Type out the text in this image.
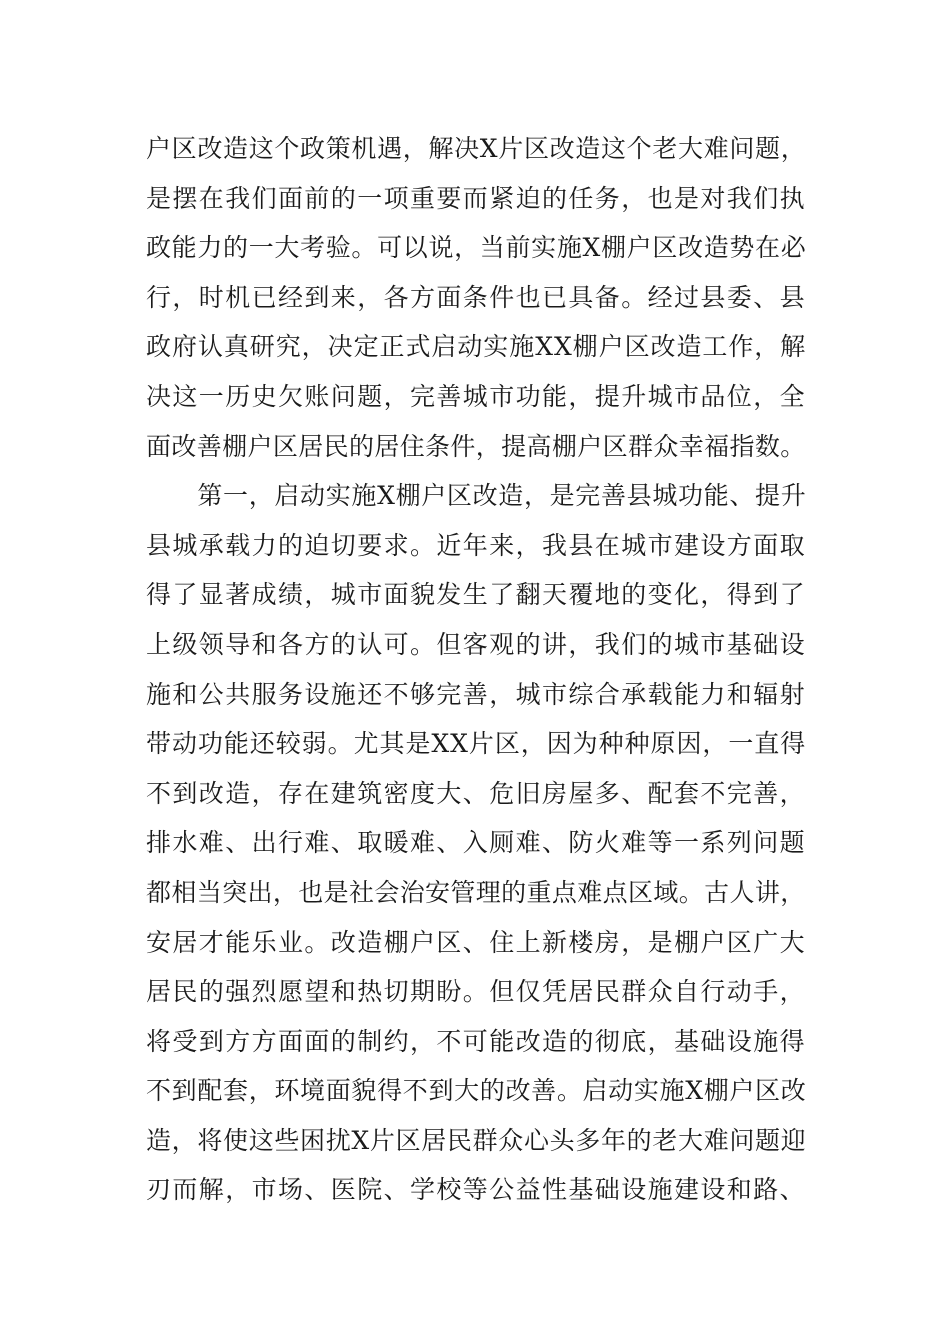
户区改造这个政策机遇，解决X片区改造这个老大难问题，
是摆在我们面前的一项重要而紧迫的任务，也是对我们执
政能力的一大考验。可以说，当前实施X棚户区改造势在必
行，时机已经到来，各方面条件也已具备。经过县委、县
政府认真研究，决定正式启动实施XX棚户区改造工作，解
决这一历史欠账问题，完善城市功能，提升城市品位，全
面改善棚户区居民的居住条件，提高棚户区群众幸福指数。
　　第一，启动实施X棚户区改造，是完善县城功能、提升
县城承载力的迫切要求。近年来，我县在城市建设方面取
得了显著成绩，城市面貌发生了翻天覆地的变化，得到了
上级领导和各方的认可。但客观的讲，我们的城市基础设
施和公共服务设施还不够完善，城市综合承载能力和辐射
带动功能还较弱。尤其是XX片区，因为种种原因，一直得
不到改造，存在建筑密度大、危旧房屋多、配套不完善，
排水难、出行难、取暖难、入厕难、防火难等一系列问题
都相当突出，也是社会治安管理的重点难点区域。古人讲，
安居才能乐业。改造棚户区、住上新楼房，是棚户区广大
居民的强烈愿望和热切期盼。但仅凭居民群众自行动手，
将受到方方面面的制约，不可能改造的彻底，基础设施得
不到配套，环境面貌得不到大的改善。启动实施X棚户区改
造，将使这些困扰X片区居民群众心头多年的老大难问题迎
刃而解，市场、医院、学校等公益性基础设施建设和路、
